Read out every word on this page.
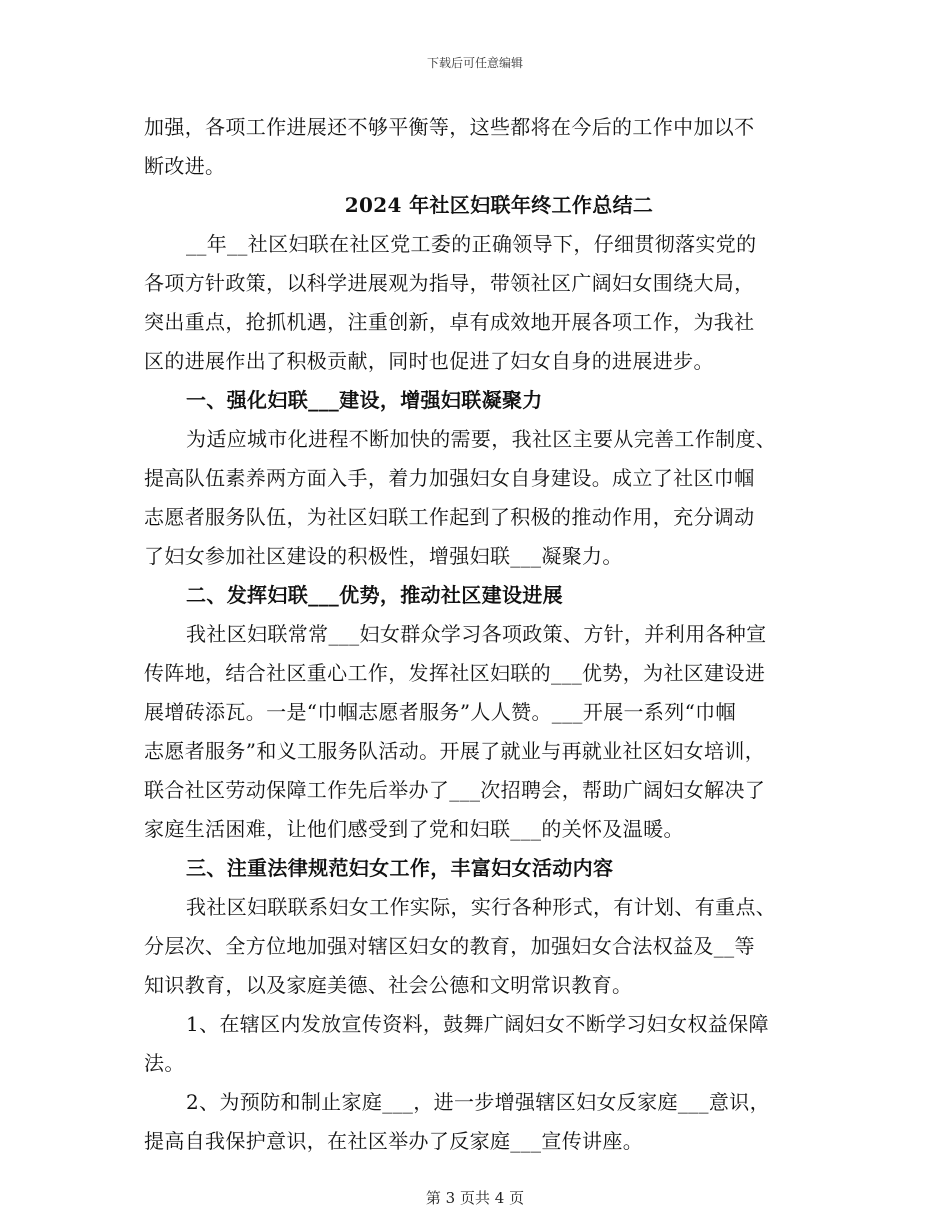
下载后可任意编辑
加强，各项工作进展还不够平衡等，这些都将在今后的工作中加以不
断改进。
2024 年社区妇联年终工作总结二
__年__社区妇联在社区党工委的正确领导下，仔细贯彻落实党的
各项方针政策，以科学进展观为指导，带领社区广阔妇女围绕大局，
突出重点，抢抓机遇，注重创新，卓有成效地开展各项工作，为我社
区的进展作出了积极贡献，同时也促进了妇女自身的进展进步。
一、强化妇联___建设，增强妇联凝聚力
为适应城市化进程不断加快的需要，我社区主要从完善工作制度、
提高队伍素养两方面入手，着力加强妇女自身建设。成立了社区巾帼
志愿者服务队伍，为社区妇联工作起到了积极的推动作用，充分调动
了妇女参加社区建设的积极性，增强妇联___凝聚力。
二、发挥妇联___优势，推动社区建设进展
我社区妇联常常___妇女群众学习各项政策、方针，并利用各种宣
传阵地，结合社区重心工作，发挥社区妇联的___优势，为社区建设进
展增砖添瓦。一是“巾帼志愿者服务”人人赞。___开展一系列“巾帼
志愿者服务”和义工服务队活动。开展了就业与再就业社区妇女培训，
联合社区劳动保障工作先后举办了___次招聘会，帮助广阔妇女解决了
家庭生活困难，让他们感受到了党和妇联___的关怀及温暖。
三、注重法律规范妇女工作，丰富妇女活动内容
我社区妇联联系妇女工作实际，实行各种形式，有计划、有重点、
分层次、全方位地加强对辖区妇女的教育，加强妇女合法权益及__等
知识教育，以及家庭美德、社会公德和文明常识教育。
1、在辖区内发放宣传资料，鼓舞广阔妇女不断学习妇女权益保障
法。
2、为预防和制止家庭___，进一步增强辖区妇女反家庭___意识，
提高自我保护意识，在社区举办了反家庭___宣传讲座。
第 3 页共 4 页
